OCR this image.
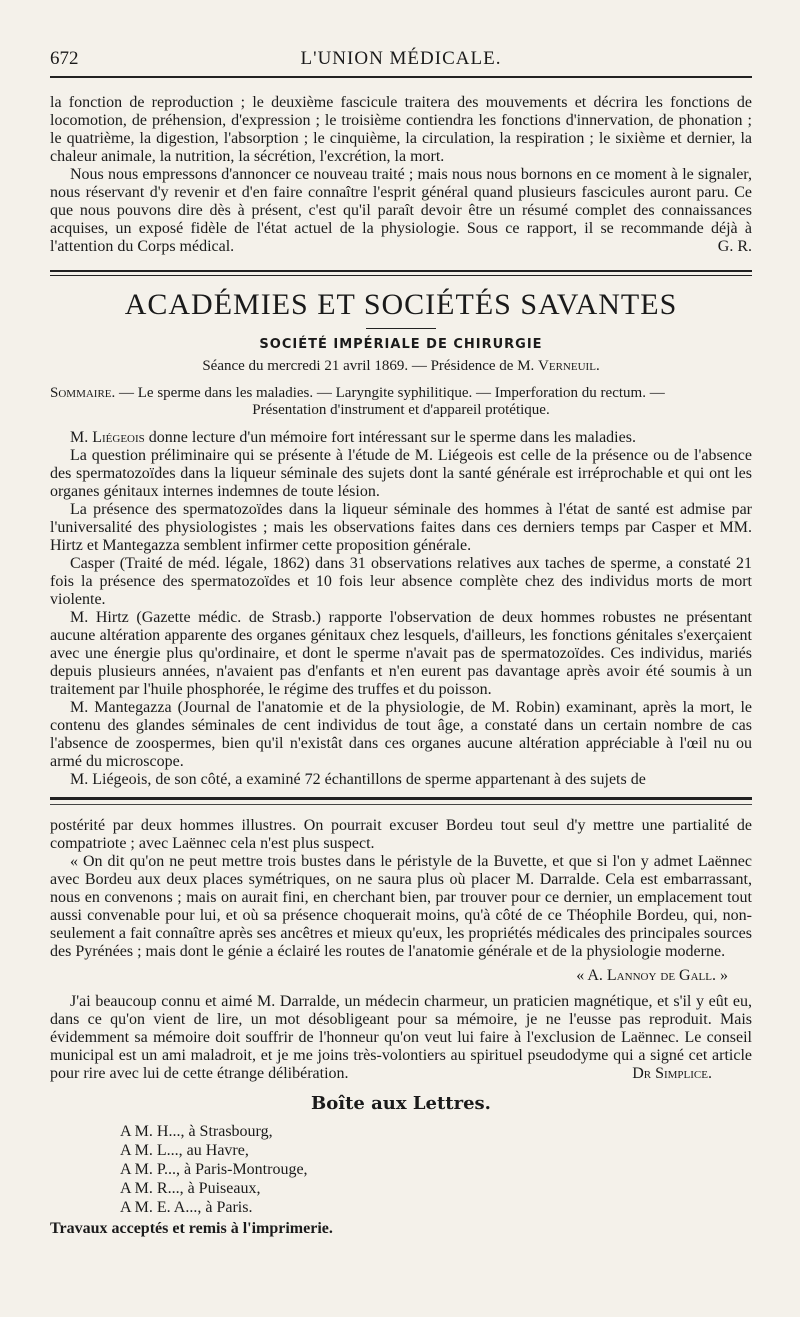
672	L'UNION MÉDICALE.

la fonction de reproduction ; le deuxième fascicule traitera des mouvements et décrira les fonctions de locomotion, de préhension, d'expression ; le troisième contiendra les fonctions d'innervation, de phonation ; le quatrième, la digestion, l'absorption ; le cinquième, la circulation, la respiration ; le sixième et dernier, la chaleur animale, la nutrition, la sécrétion, l'excrétion, la mort.

Nous nous empressons d'annoncer ce nouveau traité ; mais nous nous bornons en ce moment à le signaler, nous réservant d'y revenir et d'en faire connaître l'esprit général quand plusieurs fascicules auront paru. Ce que nous pouvons dire dès à présent, c'est qu'il paraît devoir être un résumé complet des connaissances acquises, un exposé fidèle de l'état actuel de la physiologie. Sous ce rapport, il se recommande déjà à l'attention du Corps médical.	G. R.

ACADÉMIES ET SOCIÉTÉS SAVANTES
SOCIÉTÉ IMPÉRIALE DE CHIRURGIE
Séance du mercredi 21 avril 1869. — Présidence de M. Verneuil.

Sommaire. — Le sperme dans les maladies. — Laryngite syphilitique. — Imperforation du rectum. —

Présentation d'instrument et d'appareil protétique.

M. Liégeois donne lecture d'un mémoire fort intéressant sur le sperme dans les maladies.

La question préliminaire qui se présente à l'étude de M. Liégeois est celle de la présence ou de l'absence des spermatozoïdes dans la liqueur séminale des sujets dont la santé générale est irréprochable et qui ont les organes génitaux internes indemnes de toute lésion.

La présence des spermatozoïdes dans la liqueur séminale des hommes à l'état de santé est admise par l'universalité des physiologistes ; mais les observations faites dans ces derniers temps par Casper et MM. Hirtz et Mantegazza semblent infirmer cette proposition générale.

Casper (Traité de méd. légale, 1862) dans 31 observations relatives aux taches de sperme, a constaté 21 fois la présence des spermatozoïdes et 10 fois leur absence complète chez des individus morts de mort violente.

M. Hirtz (Gazette médic. de Strasb.) rapporte l'observation de deux hommes robustes ne présentant aucune altération apparente des organes génitaux chez lesquels, d'ailleurs, les fonctions génitales s'exerçaient avec une énergie plus qu'ordinaire, et dont le sperme n'avait pas de spermatozoïdes. Ces individus, mariés depuis plusieurs années, n'avaient pas d'enfants et n'en eurent pas davantage après avoir été soumis à un traitement par l'huile phosphorée, le régime des truffes et du poisson.

M. Mantegazza (Journal de l'anatomie et de la physiologie, de M. Robin) examinant, après la mort, le contenu des glandes séminales de cent individus de tout âge, a constaté dans un certain nombre de cas l'absence de zoospermes, bien qu'il n'existât dans ces organes aucune altération appréciable à l'œil nu ou armé du microscope.

M. Liégeois, de son côté, a examiné 72 échantillons de sperme appartenant à des sujets de

postérité par deux hommes illustres. On pourrait excuser Bordeu tout seul d'y mettre une partialité de compatriote ; avec Laënnec cela n'est plus suspect.

« On dit qu'on ne peut mettre trois bustes dans le péristyle de la Buvette, et que si l'on y admet Laënnec avec Bordeu aux deux places symétriques, on ne saura plus où placer M. Darralde. Cela est embarrassant, nous en convenons ; mais on aurait fini, en cherchant bien, par trouver pour ce dernier, un emplacement tout aussi convenable pour lui, et où sa présence choquerait moins, qu'à côté de ce Théophile Bordeu, qui, non-seulement a fait connaître après ses ancêtres et mieux qu'eux, les propriétés médicales des principales sources des Pyrénées ; mais dont le génie a éclairé les routes de l'anatomie générale et de la physiologie moderne.

« A. Lannoy de Gall. »

J'ai beaucoup connu et aimé M. Darralde, un médecin charmeur, un praticien magnétique, et s'il y eût eu, dans ce qu'on vient de lire, un mot désobligeant pour sa mémoire, je ne l'eusse pas reproduit. Mais évidemment sa mémoire doit souffrir de l'honneur qu'on veut lui faire à l'exclusion de Laënnec. Le conseil municipal est un ami maladroit, et je me joins très-volontiers au spirituel pseudodyme qui a signé cet article pour rire avec lui de cette étrange délibération.	Dr Simplice.
Boîte aux Lettres.
A M. H..., à Strasbourg,
A M. L..., au Havre,
A M. P..., à Paris-Montrouge,
A M. R..., à Puiseaux,
A M. E. A..., à Paris.
Travaux acceptés et remis à l'imprimerie.
